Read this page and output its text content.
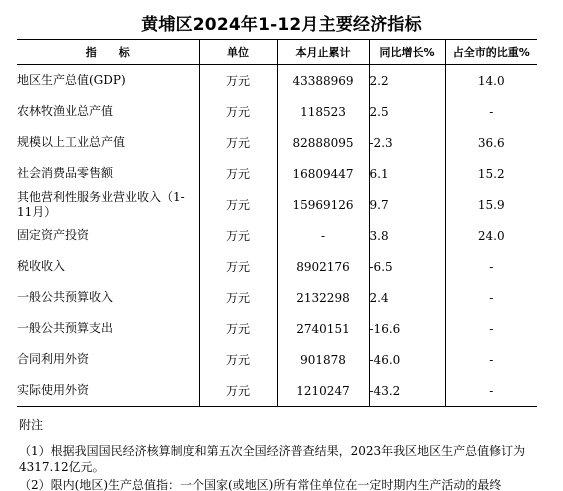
黄埔区2024年1-12月主要经济指标
指　　标	单位	本月止累计	同比增长%	占全市的比重%
地区生产总值(GDP)	万元	43388969	2.2	14.0
农林牧渔业总产值	万元	118523	2.5	-
规模以上工业总产值	万元	82888095	-2.3	36.6
社会消费品零售额	万元	16809447	6.1	15.2
其他营利性服务业营业收入（1-11月）	万元	15969126	9.7	15.9
固定资产投资	万元	-	3.8	24.0
税收收入	万元	8902176	-6.5	-
一般公共预算收入	万元	2132298	2.4	-
一般公共预算支出	万元	2740151	-16.6	-
合同利用外资	万元	901878	-46.0	-
实际使用外资	万元	1210247	-43.2	-
附注

（1）根据我国国民经济核算制度和第五次全国经济普查结果，2023年我区地区生产总值修订为4317.12亿元。

（2）限内(地区)生产总值指：一个国家(或地区)所有常住单位在一定时期内生产活动的最终
